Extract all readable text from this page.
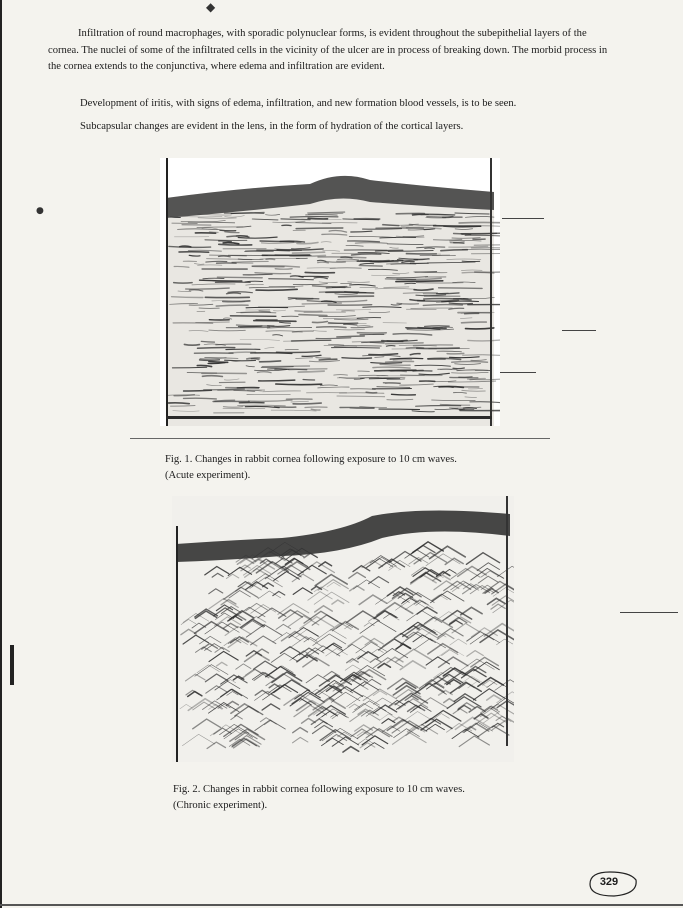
◆
●

Infiltration of round macrophages, with sporadic polynuclear forms, is evident throughout the subepithelial layers of the cornea. The nuclei of some of the infiltrated cells in the vicinity of the ulcer are in process of breaking down. The morbid process in the cornea extends to the conjunctiva, where edema and infiltration are evident.

Development of iritis, with signs of edema, infiltration, and new formation blood vessels, is to be seen.

Subcapsular changes are evident in the lens, in the form of hydration of the cortical layers.

Fig. 1. Changes in rabbit cornea following exposure to 10 cm waves.
(Acute experiment).
Fig. 2. Changes in rabbit cornea following exposure to 10 cm waves.
(Chronic experiment).
329
